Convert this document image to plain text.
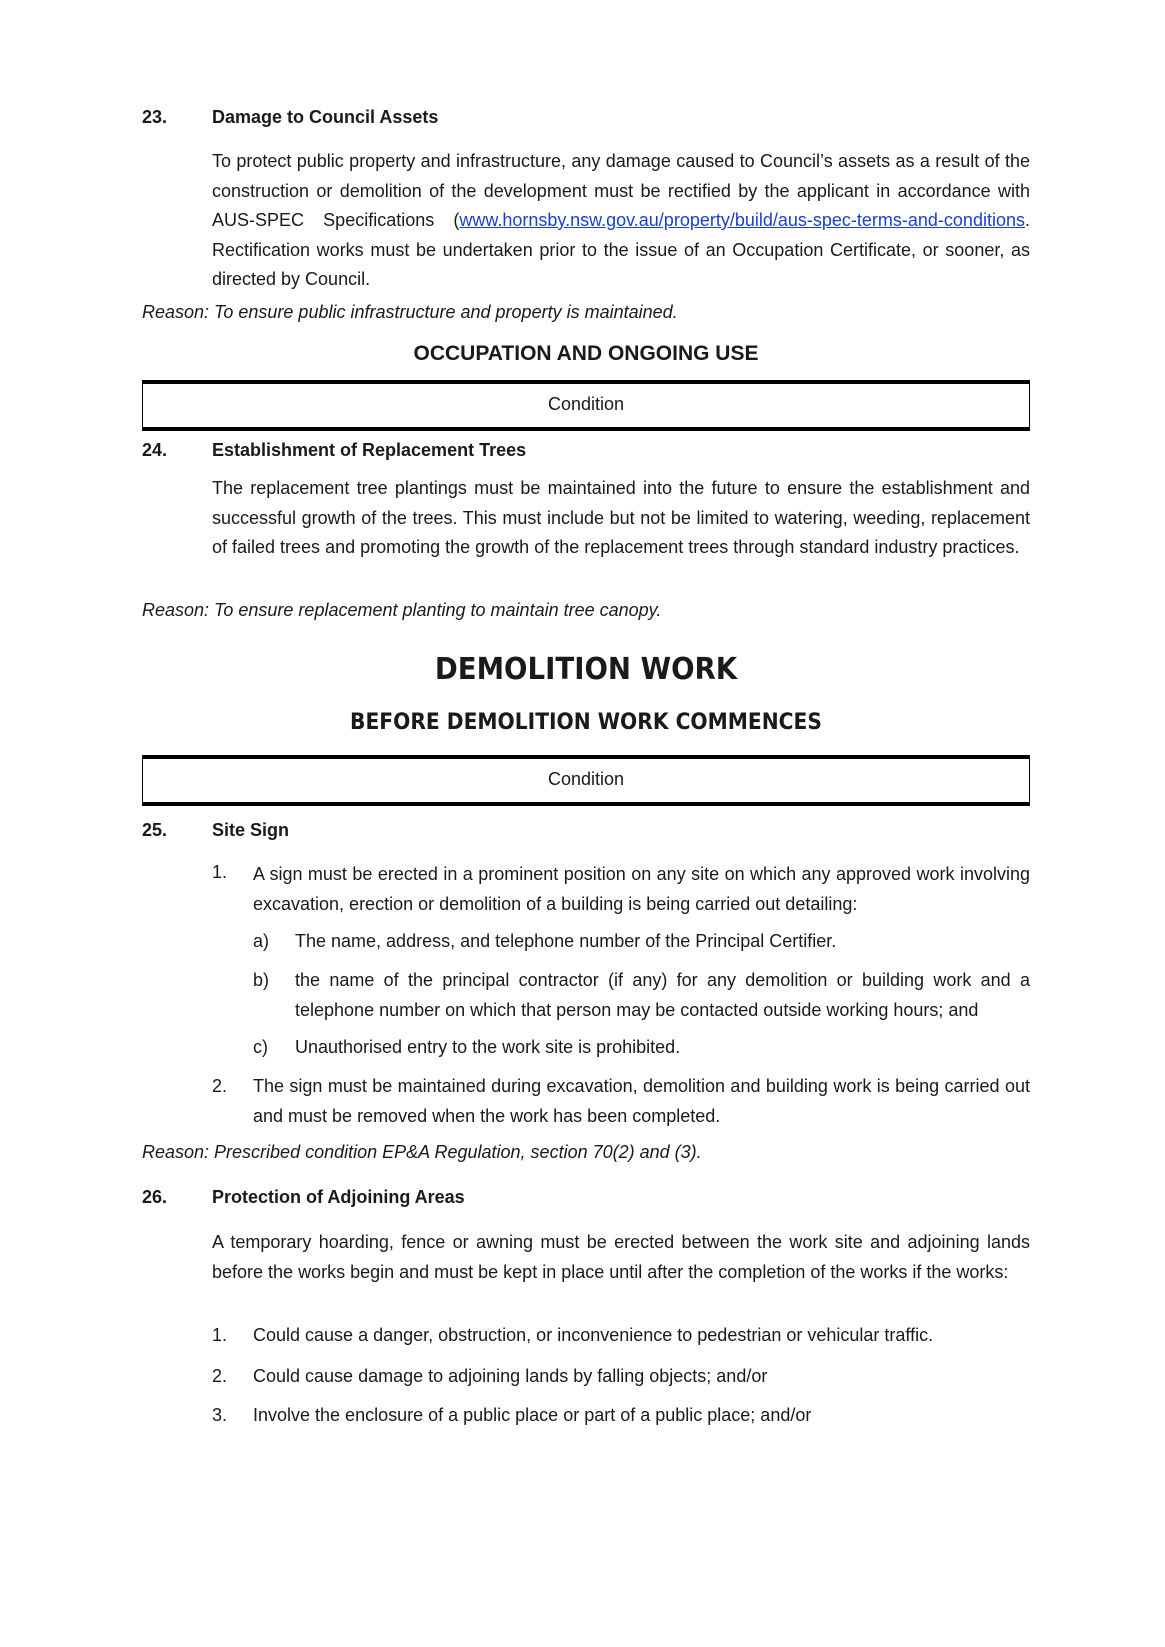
23. Damage to Council Assets
To protect public property and infrastructure, any damage caused to Council’s assets as a result of the construction or demolition of the development must be rectified by the applicant in accordance with AUS-SPEC Specifications (www.hornsby.nsw.gov.au/property/build/aus-spec-terms-and-conditions. Rectification works must be undertaken prior to the issue of an Occupation Certificate, or sooner, as directed by Council.
Reason: To ensure public infrastructure and property is maintained.
OCCUPATION AND ONGOING USE
Condition
24. Establishment of Replacement Trees
The replacement tree plantings must be maintained into the future to ensure the establishment and successful growth of the trees. This must include but not be limited to watering, weeding, replacement of failed trees and promoting the growth of the replacement trees through standard industry practices.
Reason: To ensure replacement planting to maintain tree canopy.
DEMOLITION WORK
BEFORE DEMOLITION WORK COMMENCES
Condition
25. Site Sign
1. A sign must be erected in a prominent position on any site on which any approved work involving excavation, erection or demolition of a building is being carried out detailing:
a) The name, address, and telephone number of the Principal Certifier.
b) the name of the principal contractor (if any) for any demolition or building work and a telephone number on which that person may be contacted outside working hours; and
c) Unauthorised entry to the work site is prohibited.
2. The sign must be maintained during excavation, demolition and building work is being carried out and must be removed when the work has been completed.
Reason: Prescribed condition EP&A Regulation, section 70(2) and (3).
26. Protection of Adjoining Areas
A temporary hoarding, fence or awning must be erected between the work site and adjoining lands before the works begin and must be kept in place until after the completion of the works if the works:
1. Could cause a danger, obstruction, or inconvenience to pedestrian or vehicular traffic.
2. Could cause damage to adjoining lands by falling objects; and/or
3. Involve the enclosure of a public place or part of a public place; and/or
